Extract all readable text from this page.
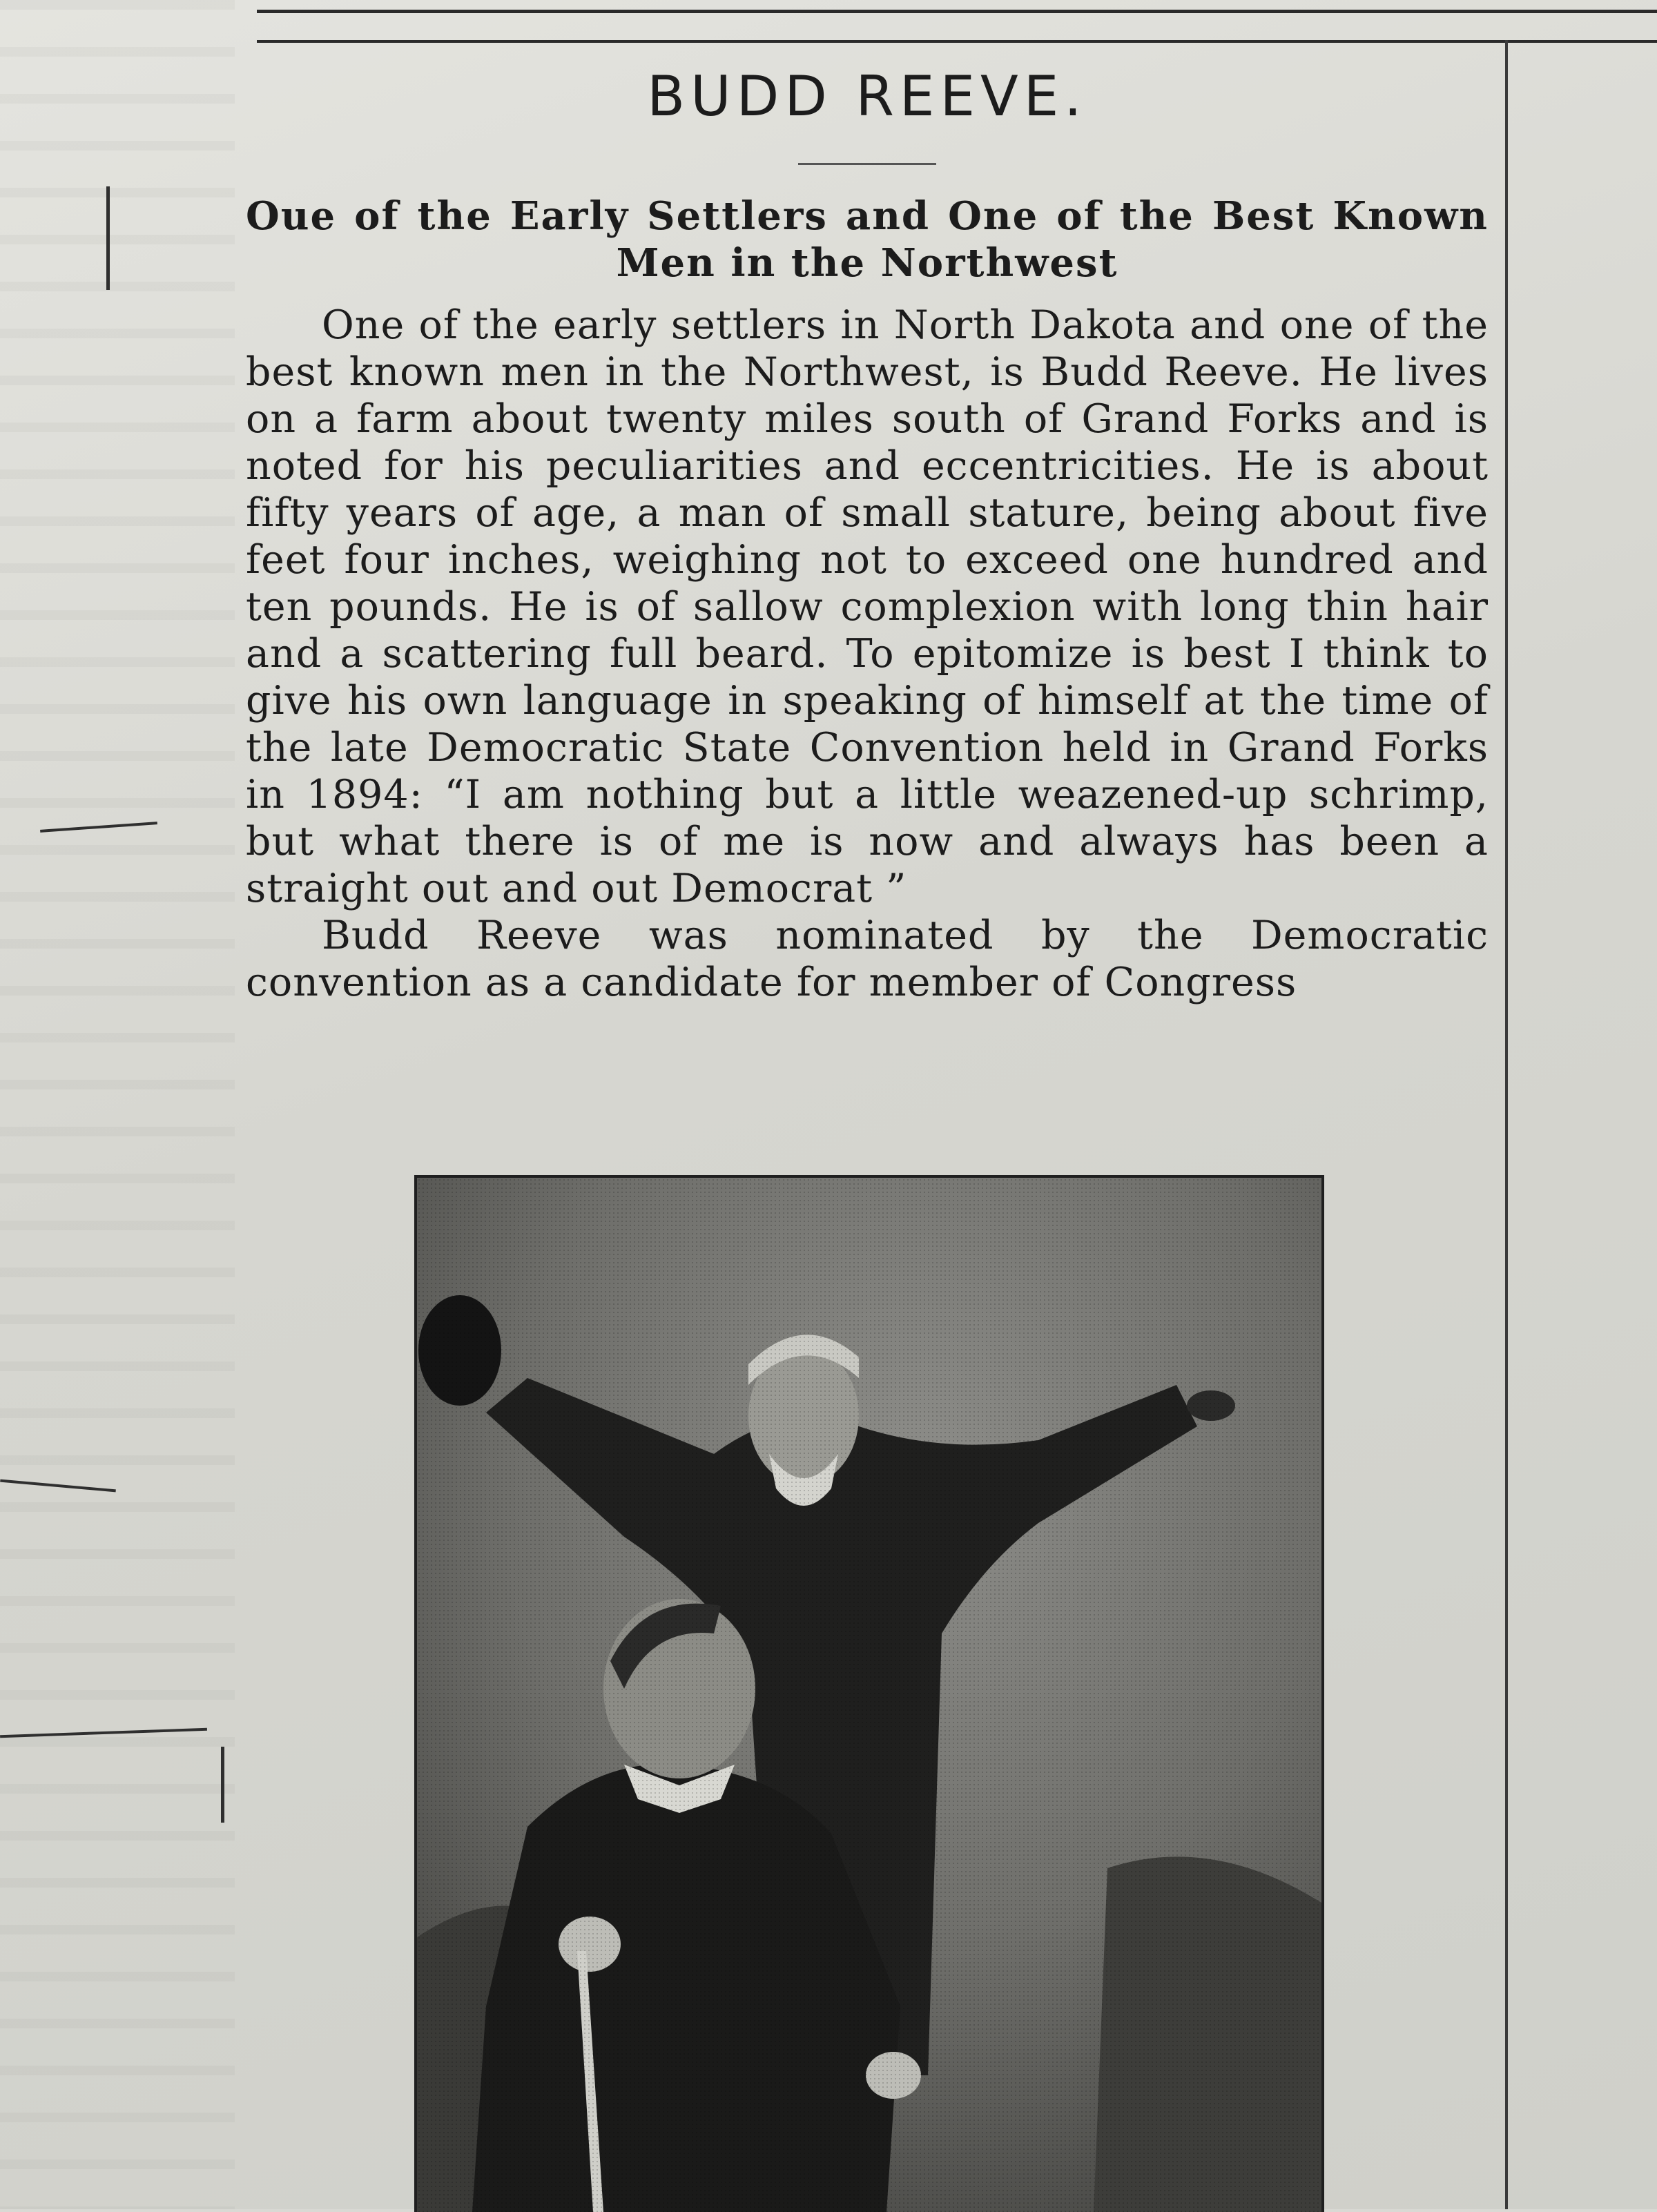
BUDD REEVE.

Oue of the Early Settlers and One of the Best Known Men in the Northwest

One of the early settlers in North Dakota and one of the best known men in the Northwest, is Budd Reeve. He lives on a farm about twenty miles south of Grand Forks and is noted for his peculiarities and eccentricities. He is about fifty years of age, a man of small stature, being about five feet four inches, weighing not to exceed one hundred and ten pounds. He is of sallow complexion with long thin hair and a scattering full beard. To epitomize is best I think to give his own language in speaking of himself at the time of the late Democratic State Convention held in Grand Forks in 1894: “I am nothing but a little weazened-up schrimp, but what there is of me is now and always has been a straight out and out Democrat ”

Budd Reeve was nominated by the Democratic convention as a candidate for member of Congress
